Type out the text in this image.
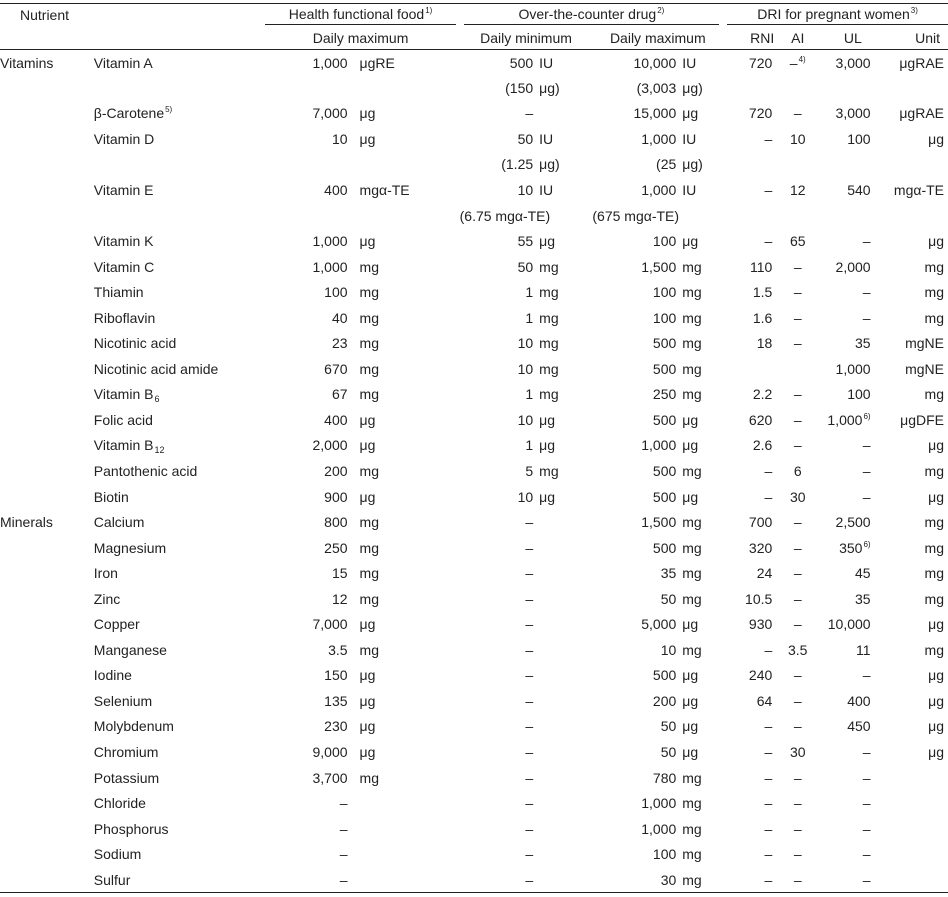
Nutrient		Health functional food$^{1)}$		Over-the-counter drug$^{2)}$				DRI for pregnant women$^{3)}$

		Daily maximum		Daily minimum		Daily maximum		RNI	AI	UL	Unit
Vitamins	Vitamin A	1,000	μgRE	500	IU	10,000	IU	720	–$^{4)}$	3,000	μgRAE
				(150	μg)	(3,003	μg)				
	β-Carotene$^{5)}$	7,000	μg	–		15,000	μg	720	–	3,000	μgRAE
	Vitamin D	10	μg	50	IU	1,000	IU	–	10	100	μg
				(1.25	μg)	(25	μg)				
	Vitamin E	400	mgα-TE	10	IU	1,000	IU	–	12	540	mgα-TE
				(6.75 mgα-TE)		(675 mgα-TE)					
	Vitamin K	1,000	μg	55	μg	100	μg	–	65	–	μg
	Vitamin C	1,000	mg	50	mg	1,500	mg	110	–	2,000	mg
	Thiamin	100	mg	1	mg	100	mg	1.5	–	–	mg
	Riboflavin	40	mg	1	mg	100	mg	1.6	–	–	mg
	Nicotinic acid	23	mg	10	mg	500	mg	18	–	35	mgNE
	Nicotinic acid amide	670	mg	10	mg	500	mg			1,000	mgNE
	Vitamin $B_6$	67	mg	1	mg	250	mg	2.2	–	100	mg
	Folic acid	400	μg	10	μg	500	μg	620	–	1,000$^{6)}$	μgDFE
	Vitamin $B_{12}$	2,000	μg	1	μg	1,000	μg	2.6	–	–	μg
	Pantothenic acid	200	mg	5	mg	500	mg	–	6	–	mg
	Biotin	900	μg	10	μg	500	μg	–	30	–	μg
Minerals	Calcium	800	mg	–		1,500	mg	700	–	2,500	mg
	Magnesium	250	mg	–		500	mg	320	–	350$^{6)}$	mg
	Iron	15	mg	–		35	mg	24	–	45	mg
	Zinc	12	mg	–		50	mg	10.5	–	35	mg
	Copper	7,000	μg	–		5,000	μg	930	–	10,000	μg
	Manganese	3.5	mg	–		10	mg	–	3.5	11	mg
	Iodine	150	μg	–		500	μg	240	–	–	μg
	Selenium	135	μg	–		200	μg	64	–	400	μg
	Molybdenum	230	μg	–		50	μg	–	–	450	μg
	Chromium	9,000	μg	–		50	μg	–	30	–	μg
	Potassium	3,700	mg	–		780	mg	–	–	–	
	Chloride	–		–		1,000	mg	–	–	–	
	Phosphorus	–		–		1,000	mg	–	–	–	
	Sodium	–		–		100	mg	–	–	–	
	Sulfur	–		–		30	mg	–	–	–	
